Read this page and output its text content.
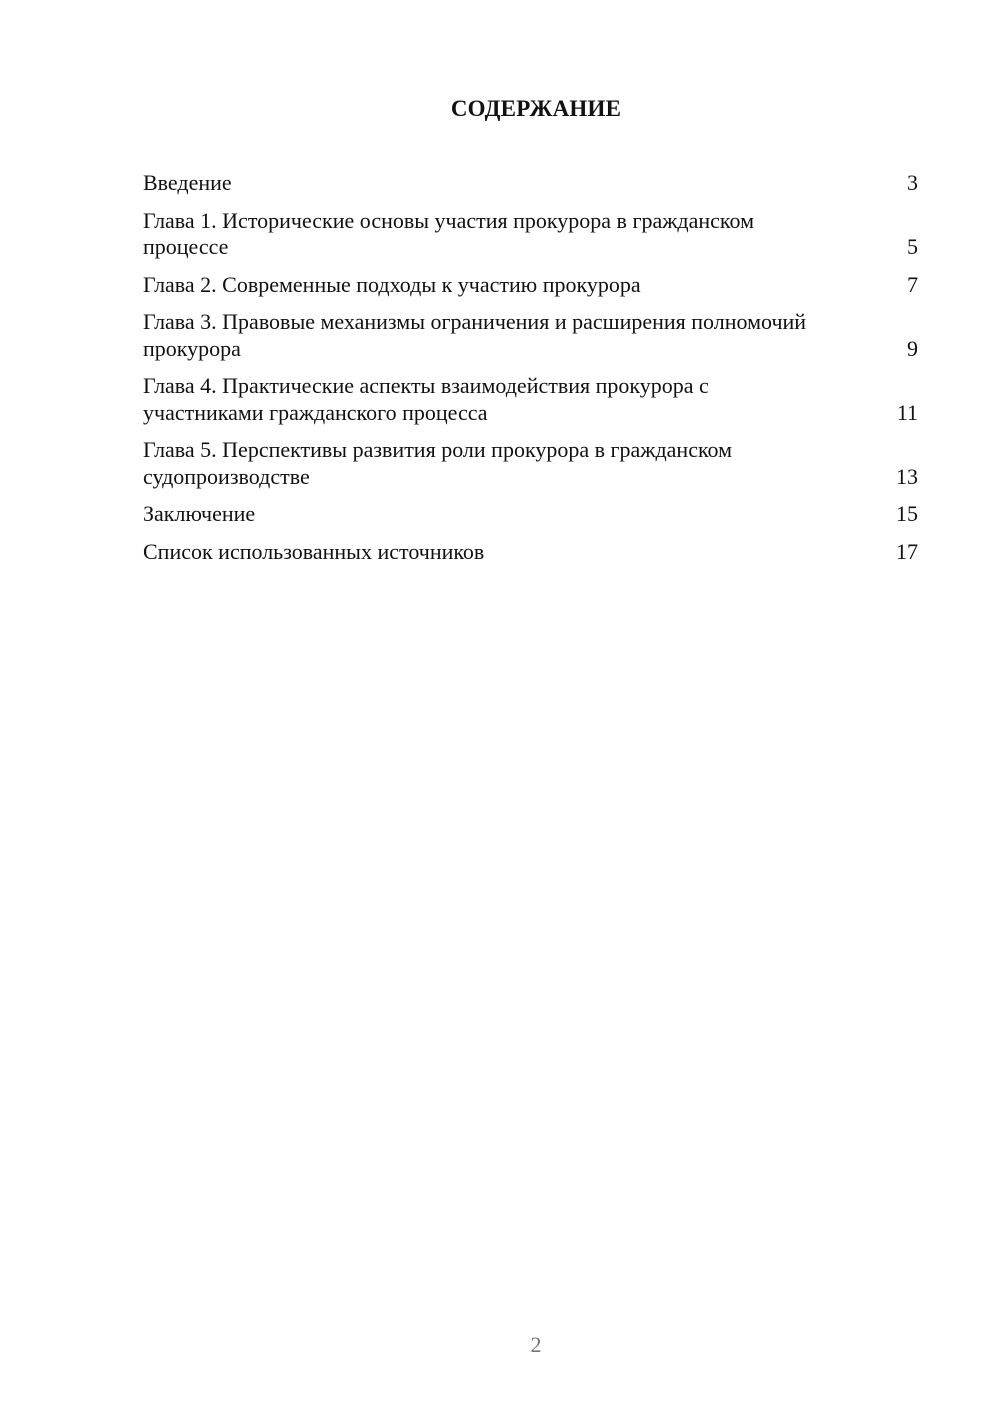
СОДЕРЖАНИЕ
Введение	3
Глава 1. Исторические основы участия прокурора в гражданском процессе	5
Глава 2. Современные подходы к участию прокурора	7
Глава 3. Правовые механизмы ограничения и расширения полномочий прокурора	9
Глава 4. Практические аспекты взаимодействия прокурора с участниками гражданского процесса	11
Глава 5. Перспективы развития роли прокурора в гражданском судопроизводстве	13
Заключение	15
Список использованных источников	17
2
